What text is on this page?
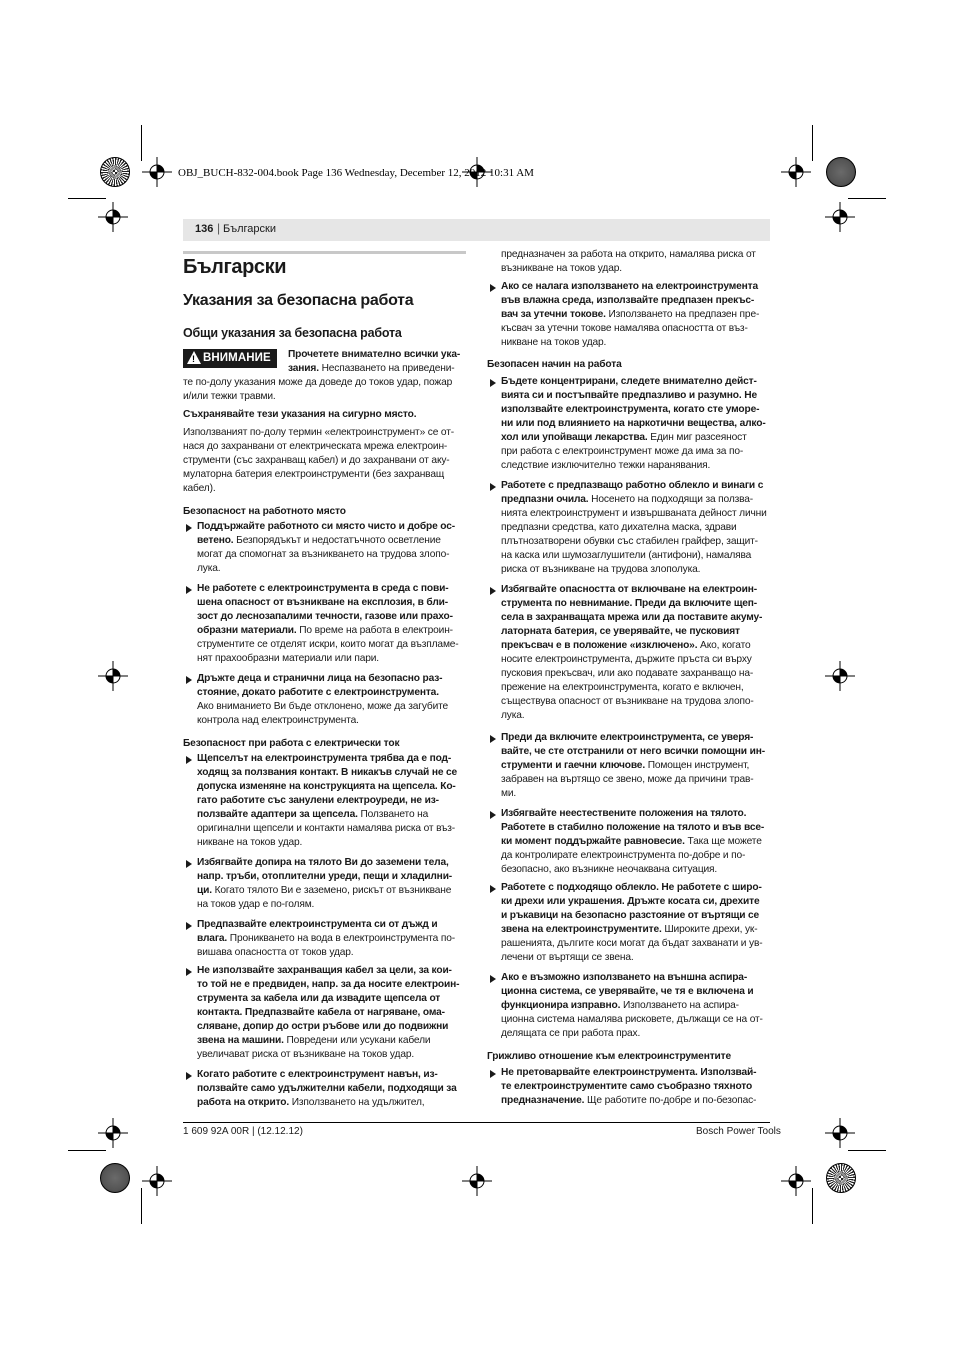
OBJ_BUCH-832-004.book Page 136 Wednesday, December 12, 2012 10:31 AM
136 | Български
Български
Указания за безопасна работа
Общи указания за безопасна работа
! ВНИМАНИЕ Прочетете внимателно всички ука-
зания. Неспазването на приведени-
те по-долу указания може да доведе до токов удар, пожар
и/или тежки травми.
Съхранявайте тези указания на сигурно място.
Използваният по-долу термин «електроинструмент» се от-
нася до захранвани от електрическата мрежа електроин-
струменти (със захранващ кабел) и до захранвани от аку-
мулаторна батерия електроинструменти (без захранващ
кабел).
Безопасност на работното място
Поддържайте работното си място чисто и добре ос-
ветено. Безпорядъкът и недостатъчното осветление
могат да спомогнат за възникването на трудова злопо-
лука.
Не работете с електроинструмента в среда с пови-
шена опасност от възникване на експлозия, в бли-
зост до леснозапалими течности, газове или прахо-
образни материали. По време на работа в електроин-
струментите се отделят искри, които могат да възпламе-
нят прахообразни материали или пари.
Дръжте деца и странични лица на безопасно раз-
стояние, докато работите с електроинструмента.
Ако вниманието Ви бъде отклонено, може да загубите
контрола над електроинструмента.
Безопасност при работа с електрически ток
Щепселът на електроинструмента трябва да е под-
ходящ за ползвания контакт. В никакъв случай не се
допуска изменяне на конструкцията на щепсела. Ко-
гато работите със занулени електроуреди, не из-
ползвайте адаптери за щепсела. Ползването на
оригинални щепсели и контакти намалява риска от въз-
никване на токов удар.
Избягвайте допира на тялото Ви до заземени тела,
напр. тръби, отоплителни уреди, пещи и хладилни-
ци. Когато тялото Ви е заземено, рискът от възникване
на токов удар е по-голям.
Предпазвайте електроинструмента си от дъжд и
влага. Проникването на вода в електроинструмента по-
вишава опасността от токов удар.
Не използвайте захранващия кабел за цели, за кои-
то той не е предвиден, напр. за да носите електроин-
струмента за кабела или да извадите щепсела от
контакта. Предпазвайте кабела от нагряване, ома-
сляване, допир до остри ръбове или до подвижни
звена на машини. Повредени или усукани кабели
увеличават риска от възникване на токов удар.
Когато работите с електроинструмент навън, из-
ползвайте само удължителни кабели, подходящи за
работа на открито. Използването на удължител,
предназначен за работа на открито, намалява риска от
възникване на токов удар.
Ако се налага използването на електроинструмента
във влажна среда, използвайте предпазен прекъс-
вач за утечни токове. Използването на предпазен пре-
късвач за утечни токове намалява опасността от въз-
никване на токов удар.
Безопасен начин на работа
Бъдете концентрирани, следете внимателно дейст-
вията си и постъпвайте предпазливо и разумно. Не
използвайте електроинструмента, когато сте уморе-
ни или под влиянието на наркотични вещества, алко-
хол или упойващи лекарства. Един миг разсеяност
при работа с електроинструмент може да има за по-
следствие изключително тежки наранявания.
Работете с предпазващо работно облекло и винаги с
предпазни очила. Носенето на подходящи за ползва-
нията електроинструмент и извършваната дейност лични
предпазни средства, като дихателна маска, здрави
плътнозатворени обувки със стабилен грайфер, защит-
на каска или шумозаглушители (антифони), намалява
риска от възникване на трудова злополука.
Избягвайте опасността от включване на електроин-
струмента по невнимание. Преди да включите щеп-
села в захранващата мрежа или да поставите акуму-
латорната батерия, се уверявайте, че пусковият
прекъсвач е в положение «изключено». Ако, когато
носите електроинструмента, държите пръста си върху
пусковия прекъсвач, или ако подавате захранващо на-
прежение на електроинструмента, когато е включен,
съществува опасност от възникване на трудова злопо-
лука.
Преди да включите електроинструмента, се уверя-
вайте, че сте отстранили от него всички помощни ин-
струменти и гаечни ключове. Помощен инструмент,
забравен на въртящо се звено, може да причини трав-
ми.
Избягвайте неестествените положения на тялото.
Работете в стабилно положение на тялото и във все-
ки момент поддържайте равновесие. Така ще можете
да контролирате електроинструмента по-добре и по-
безопасно, ако възникне неочаквана ситуация.
Работете с подходящо облекло. Не работете с широ-
ки дрехи или украшения. Дръжте косата си, дрехите
и ръкавици на безопасно разстояние от въртящи се
звена на електроинструментите. Широките дрехи, ук-
рашенията, дългите коси могат да бъдат захванати и ув-
лечени от въртящи се звена.
Ако е възможно използването на външна аспира-
ционна система, се уверявайте, че тя е включена и
функционира изправно. Използването на аспира-
ционна система намалява рисковете, дължащи се на от-
делящата се при работа прах.
Грижливо отношение към електроинструментите
Не претоварвайте електроинструмента. Използвай-
те електроинструментите само съобразно тяхното
предназначение. Ще работите по-добре и по-безопас-
1 609 92A 00R | (12.12.12)	Bosch Power Tools
